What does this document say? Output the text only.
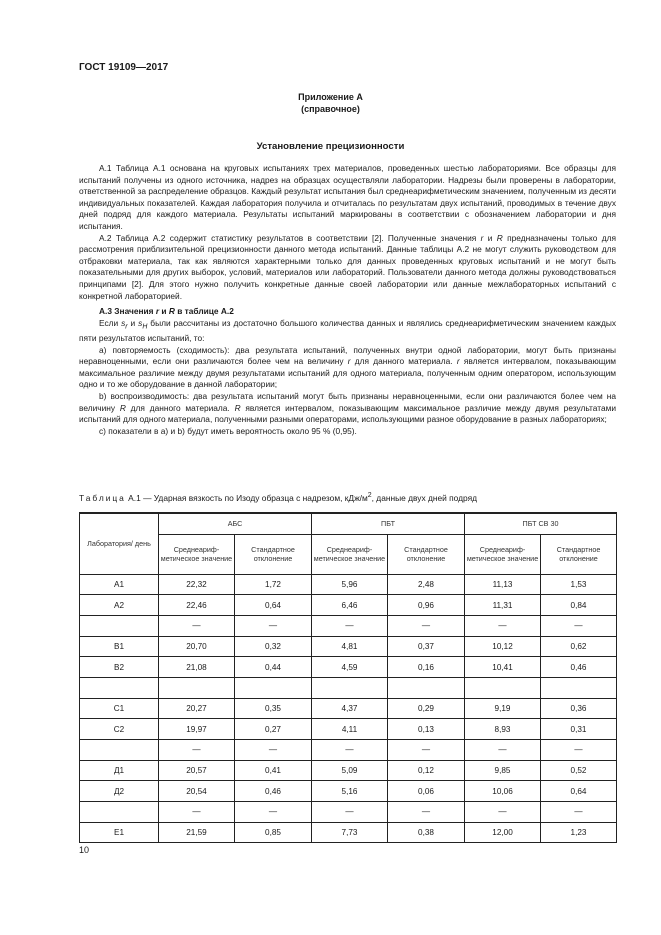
ГОСТ 19109—2017
Приложение А
(справочное)
Установление прецизионности

А.1 Таблица А.1 основана на круговых испытаниях трех материалов, проведенных шестью лабораториями. Все образцы для испытаний получены из одного источника, надрез на образцах осуществляли лаборатории. Надрезы были проверены в лаборатории, ответственной за распределение образцов. Каждый результат испытания был среднеарифметическим значением, полученным из десяти индивидуальных показателей. Каждая лаборатория получила и отчиталась по результатам двух испытаний, проводимых в течение двух дней подряд для каждого материала. Результаты испытаний маркированы в соответствии с обозначением лаборатории и дня испытания.

А.2 Таблица А.2 содержит статистику результатов в соответствии [2]. Полученные значения r и R предназначены только для рассмотрения приблизительной прецизионности данного метода испытаний. Данные таблицы А.2 не могут служить руководством для отбраковки материала, так как являются характерными только для данных проведенных круговых испытаний и не могут быть показательными для других выборок, условий, материалов или лабораторий. Пользователи данного метода должны руководствоваться принципами [2]. Для этого нужно получить конкретные данные своей лаборатории или данные межлабораторных испытаний с конкретной лабораторией.

А.3 Значения r и R в таблице А.2

Если $s_r$ и $s_H$ были рассчитаны из достаточно большого количества данных и являлись среднеарифметическим значением каждых пяти результатов испытаний, то:

а) повторяемость (сходимость): два результата испытаний, полученных внутри одной лаборатории, могут быть признаны неравноценными, если они различаются более чем на величину r для данного материала. r является интервалом, показывающим максимальное различие между двумя результатами испытаний для одного материала, полученным одним оператором, использующим одно и то же оборудование в данной лаборатории;

b) воспроизводимость: два результата испытаний могут быть признаны неравноценными, если они различаются более чем на величину R для данного материала. R является интервалом, показывающим максимальное различие между двумя результатами испытаний для одного материала, полученными разными операторами, использующими разное оборудование в разных лабораториях;

с) показатели в а) и b) будут иметь вероятность около 95 % (0,95).

Таблица А.1 — Ударная вязкость по Изоду образца с надрезом, кДж/$м^2$, данные двух дней подряд
Лаборатория/ день	АБС		ПБТ		ПБТ СВ 30	
	Среднеариф-метическое значение	Стандартное отклонение	Среднеариф-метическое значение	Стандартное отклонение	Среднеариф-метическое значение	Стандартное отклонение
А1	22,32	1,72	5,96	2,48	11,13	1,53
А2	22,46	0,64	6,46	0,96	11,31	0,84
	—	—	—	—	—	—
В1	20,70	0,32	4,81	0,37	10,12	0,62
В2	21,08	0,44	4,59	0,16	10,41	0,46

С1	20,27	0,35	4,37	0,29	9,19	0,36
С2	19,97	0,27	4,11	0,13	8,93	0,31
	—	—	—	—	—	—
Д1	20,57	0,41	5,09	0,12	9,85	0,52
Д2	20,54	0,46	5,16	0,06	10,06	0,64
	—	—	—	—	—	—
Е1	21,59	0,85	7,73	0,38	12,00	1,23
10
